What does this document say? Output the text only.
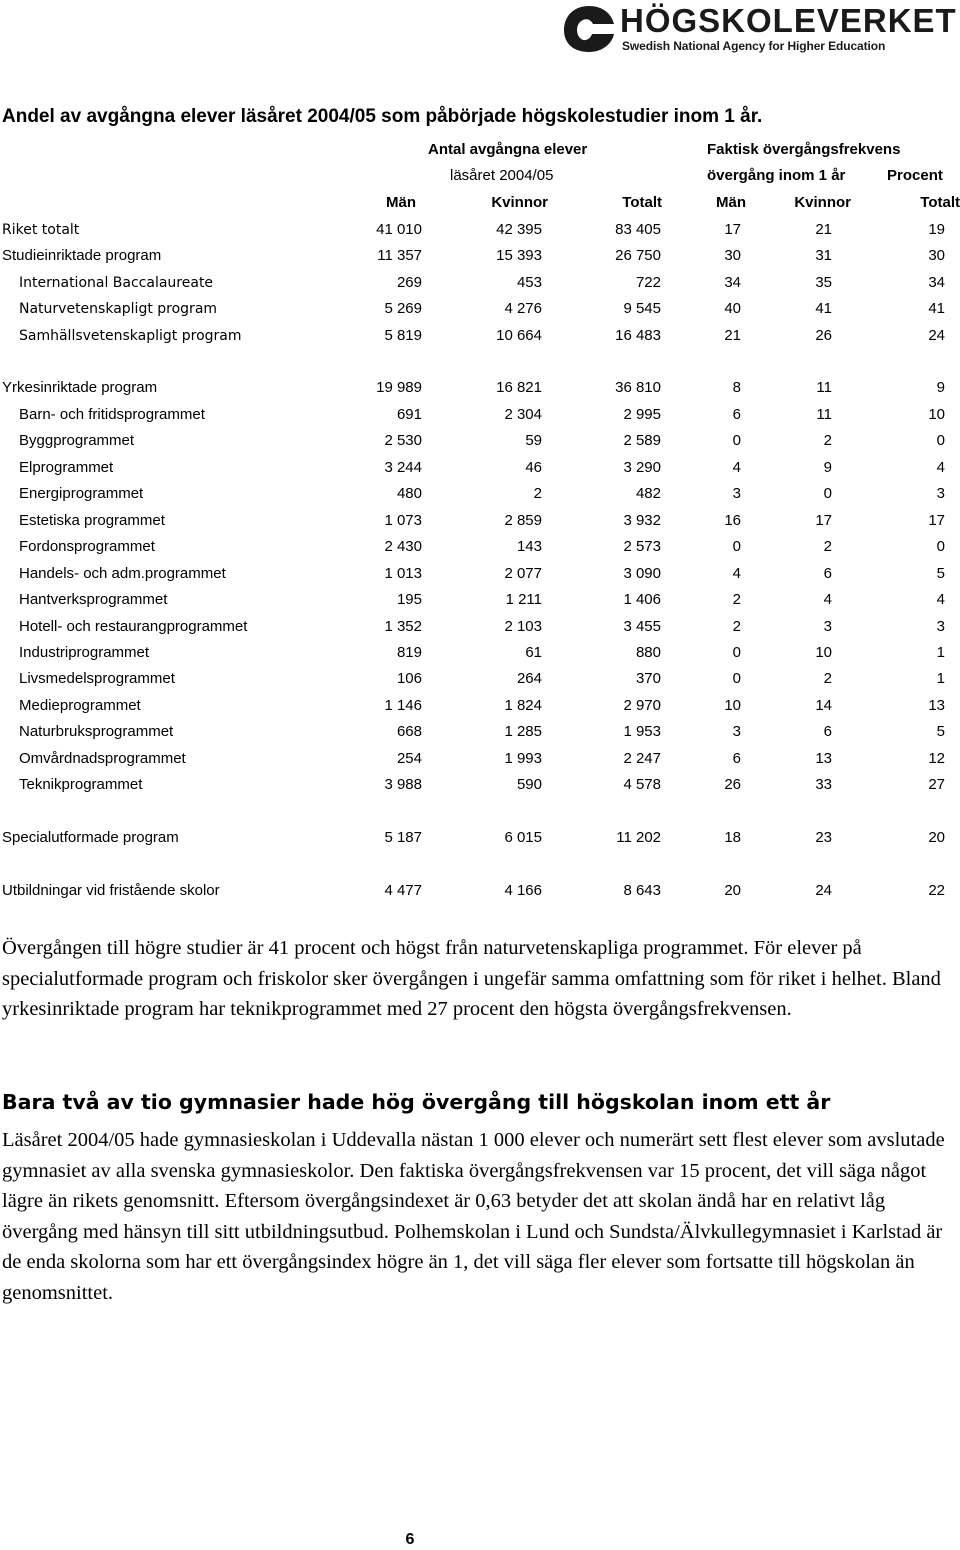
HÖGSKOLEVERKET
Swedish National Agency for Higher Education
Andel av avgångna elever läsåret 2004/05 som påbörjade högskolestudier inom 1 år.
Antal avgångna elever
läsåret 2004/05
Faktisk övergångsfrekvens
övergång inom 1 år	Procent
Män	Kvinnor	Totalt	Män	Kvinnor	Totalt
Riket totalt	41 010	42 395	83 405	17	21	19
Studieinriktade program	11 357	15 393	26 750	30	31	30
International Baccalaureate	269	453	722	34	35	34
Naturvetenskapligt program	5 269	4 276	9 545	40	41	41
Samhällsvetenskapligt program	5 819	10 664	16 483	21	26	24
Yrkesinriktade program	19 989	16 821	36 810	8	11	9
Barn- och fritidsprogrammet	691	2 304	2 995	6	11	10
Byggprogrammet	2 530	59	2 589	0	2	0
Elprogrammet	3 244	46	3 290	4	9	4
Energiprogrammet	480	2	482	3	0	3
Estetiska programmet	1 073	2 859	3 932	16	17	17
Fordonsprogrammet	2 430	143	2 573	0	2	0
Handels- och adm.programmet	1 013	2 077	3 090	4	6	5
Hantverksprogrammet	195	1 211	1 406	2	4	4
Hotell- och restaurangprogrammet	1 352	2 103	3 455	2	3	3
Industriprogrammet	819	61	880	0	10	1
Livsmedelsprogrammet	106	264	370	0	2	1
Medieprogrammet	1 146	1 824	2 970	10	14	13
Naturbruksprogrammet	668	1 285	1 953	3	6	5
Omvårdnadsprogrammet	254	1 993	2 247	6	13	12
Teknikprogrammet	3 988	590	4 578	26	33	27
Specialutformade program	5 187	6 015	11 202	18	23	20
Utbildningar vid fristående skolor	4 477	4 166	8 643	20	24	22

Övergången till högre studier är 41 procent och högst från naturvetenskapliga programmet. För elever på specialutformade program och friskolor sker övergången i ungefär samma omfattning som för riket i helhet. Bland yrkesinriktade program har teknikprogrammet med 27 procent den högsta övergångsfrekvensen.

Bara två av tio gymnasier hade hög övergång till högskolan inom ett år

Läsåret 2004/05 hade gymnasieskolan i Uddevalla nästan 1 000 elever och numerärt sett flest elever som avslutade gymnasiet av alla svenska gymnasieskolor. Den faktiska övergångsfrekvensen var 15 procent, det vill säga något lägre än rikets genomsnitt. Eftersom övergångsindexet är 0,63 betyder det att skolan ändå har en relativt låg övergång med hänsyn till sitt utbildningsutbud. Polhemskolan i Lund och Sundsta/Älvkullegymnasiet i Karlstad är de enda skolorna som har ett övergångsindex högre än 1, det vill säga fler elever som fortsatte till högskolan än genomsnittet.

6
